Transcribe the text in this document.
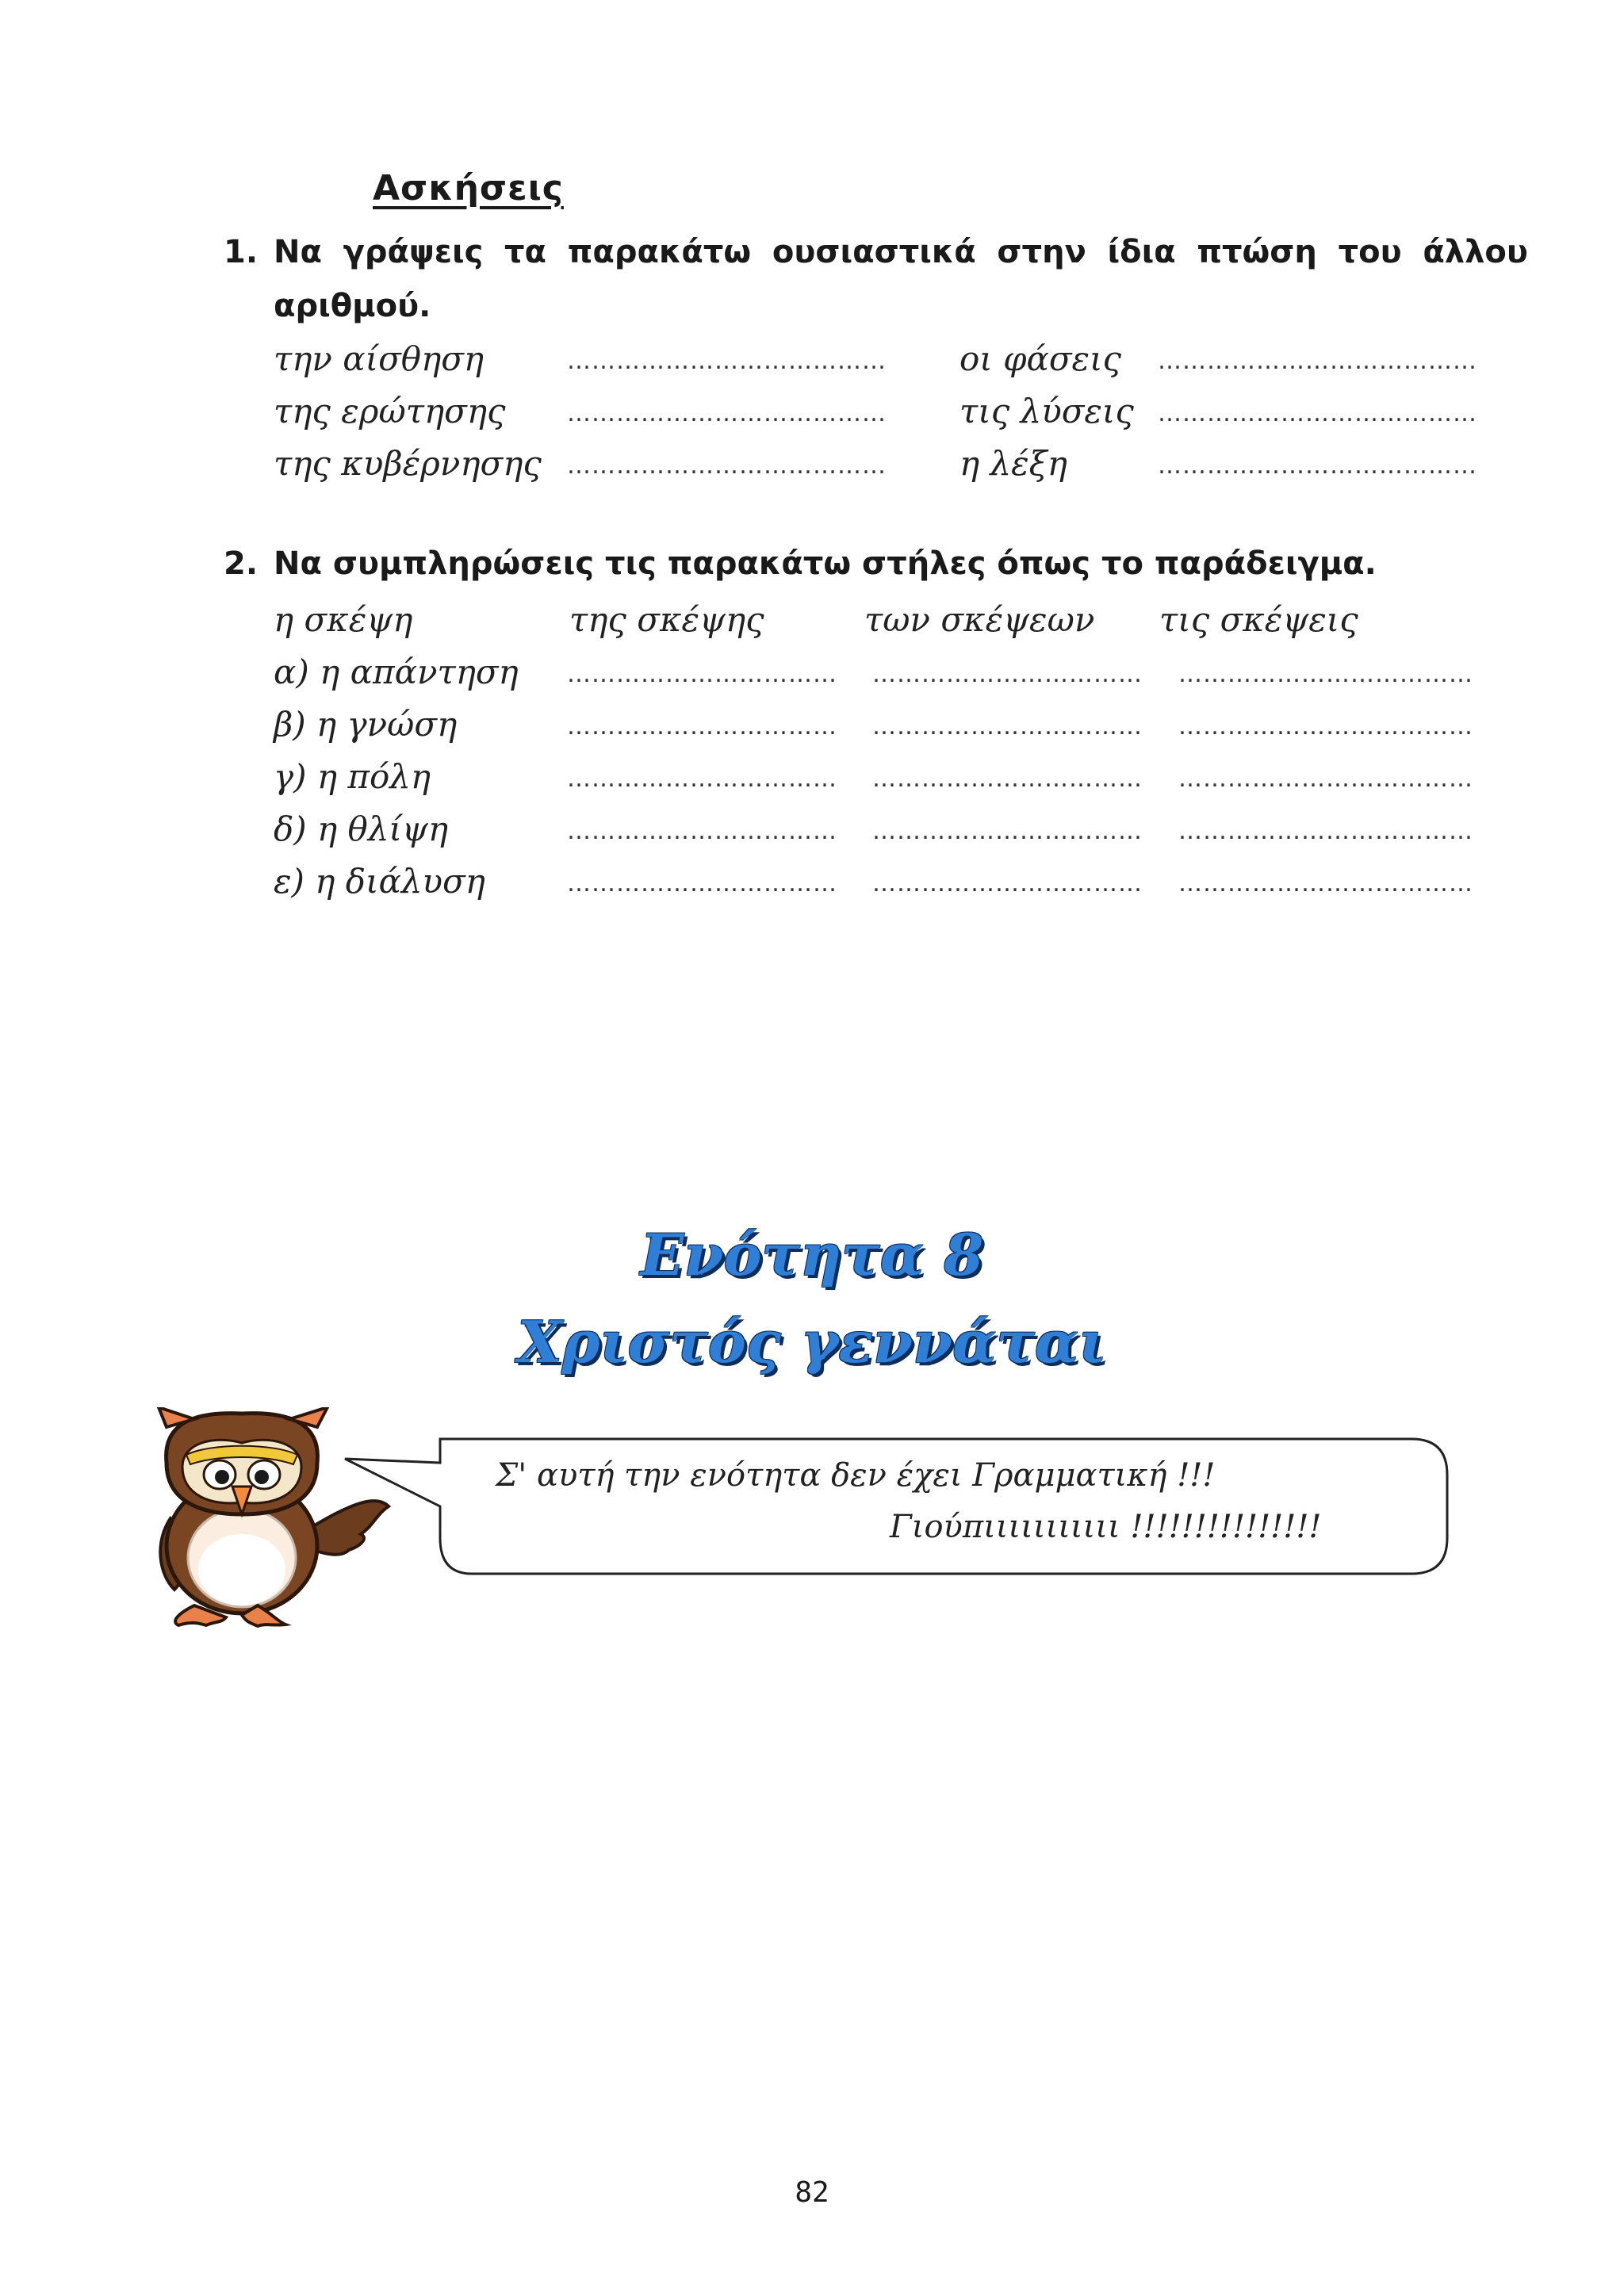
Ασκήσεις
1. Να γράψεις τα παρακάτω ουσιαστικά στην ίδια πτώση του άλλου
αριθμού.
την αίσθηση
της ερώτησης
της κυβέρνησης
…………………………………
…………………………………
…………………………………
οι φάσεις
τις λύσεις
η λέξη
…………………………………
…………………………………
…………………………………
2. Να συμπληρώσεις τις παρακάτω στήλες όπως το παράδειγμα.
η σκέψη	της σκέψης	των σκέψεων τις σκέψεις
α) η απάντηση
β) η γνώση
γ) η πόλη
δ) η θλίψη
ε) η διάλυση
…………………………… …………………………… ………………………………
…………………………… …………………………… ………………………………
…………………………… …………………………… ………………………………
…………………………… …………………………… ………………………………
…………………………… …………………………… ………………………………
Ενότητα 8
Χριστός γεννάται
Σ' αυτή την ενότητα δεν έχει Γραμματική !!!
Γιούπιιιιιιιιιιι !!!!!!!!!!!!!!!
82
